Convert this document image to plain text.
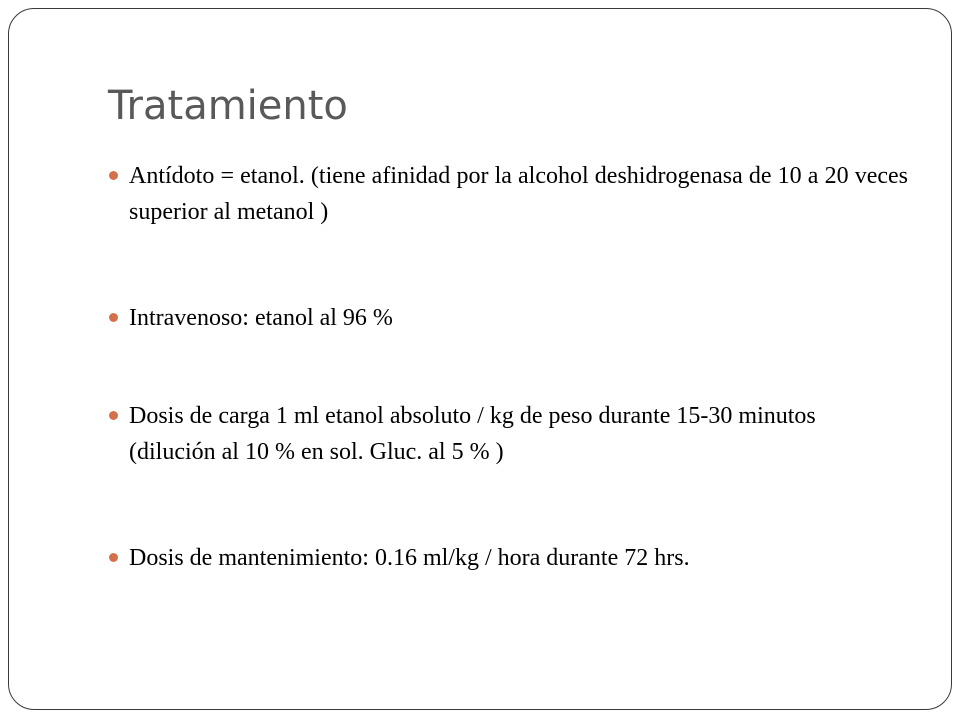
Tratamiento
Antídoto = etanol. (tiene afinidad por la alcohol deshidrogenasa de 10 a 20 veces superior al metanol )
Intravenoso: etanol al 96 %
Dosis de carga 1 ml etanol absoluto / kg de peso durante 15-30 minutos (dilución al 10 % en sol. Gluc. al 5 % )
Dosis de mantenimiento: 0.16 ml/kg / hora durante 72 hrs.
